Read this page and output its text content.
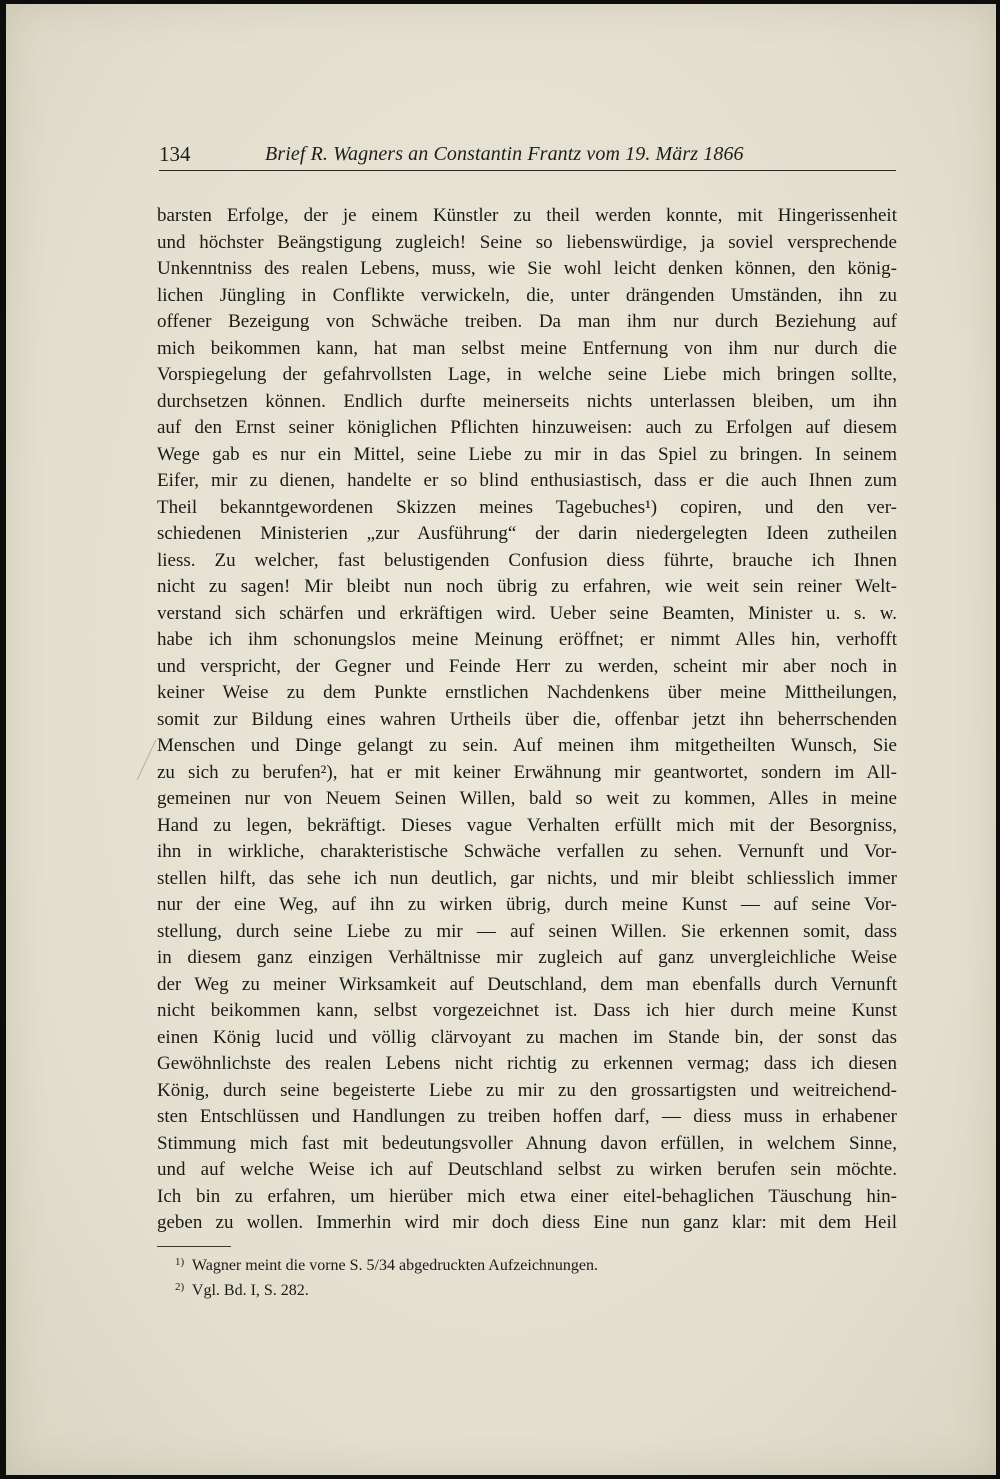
134	Brief R. Wagners an Constantin Frantz vom 19. März 1866
barsten Erfolge, der je einem Künstler zu theil werden konnte, mit Hingerissenheit
und höchster Beängstigung zugleich! Seine so liebenswürdige, ja soviel versprechende
Unkenntniss des realen Lebens, muss, wie Sie wohl leicht denken können, den könig-
lichen Jüngling in Conflikte verwickeln, die, unter drängenden Umständen, ihn zu
offener Bezeigung von Schwäche treiben. Da man ihm nur durch Beziehung auf
mich beikommen kann, hat man selbst meine Entfernung von ihm nur durch die
Vorspiegelung der gefahrvollsten Lage, in welche seine Liebe mich bringen sollte,
durchsetzen können. Endlich durfte meinerseits nichts unterlassen bleiben, um ihn
auf den Ernst seiner königlichen Pflichten hinzuweisen: auch zu Erfolgen auf diesem
Wege gab es nur ein Mittel, seine Liebe zu mir in das Spiel zu bringen. In seinem
Eifer, mir zu dienen, handelte er so blind enthusiastisch, dass er die auch Ihnen zum
Theil bekanntgewordenen Skizzen meines Tagebuches¹) copiren, und den ver-
schiedenen Ministerien „zur Ausführung“ der darin niedergelegten Ideen zutheilen
liess. Zu welcher, fast belustigenden Confusion diess führte, brauche ich Ihnen
nicht zu sagen! Mir bleibt nun noch übrig zu erfahren, wie weit sein reiner Welt-
verstand sich schärfen und erkräftigen wird. Ueber seine Beamten, Minister u. s. w.
habe ich ihm schonungslos meine Meinung eröffnet; er nimmt Alles hin, verhofft
und verspricht, der Gegner und Feinde Herr zu werden, scheint mir aber noch in
keiner Weise zu dem Punkte ernstlichen Nachdenkens über meine Mittheilungen,
somit zur Bildung eines wahren Urtheils über die, offenbar jetzt ihn beherrschenden
Menschen und Dinge gelangt zu sein. Auf meinen ihm mitgetheilten Wunsch, Sie
zu sich zu berufen²), hat er mit keiner Erwähnung mir geantwortet, sondern im All-
gemeinen nur von Neuem Seinen Willen, bald so weit zu kommen, Alles in meine
Hand zu legen, bekräftigt. Dieses vague Verhalten erfüllt mich mit der Besorgniss,
ihn in wirkliche, charakteristische Schwäche verfallen zu sehen. Vernunft und Vor-
stellen hilft, das sehe ich nun deutlich, gar nichts, und mir bleibt schliesslich immer
nur der eine Weg, auf ihn zu wirken übrig, durch meine Kunst — auf seine Vor-
stellung, durch seine Liebe zu mir — auf seinen Willen. Sie erkennen somit, dass
in diesem ganz einzigen Verhältnisse mir zugleich auf ganz unvergleichliche Weise
der Weg zu meiner Wirksamkeit auf Deutschland, dem man ebenfalls durch Vernunft
nicht beikommen kann, selbst vorgezeichnet ist. Dass ich hier durch meine Kunst
einen König lucid und völlig clärvoyant zu machen im Stande bin, der sonst das
Gewöhnlichste des realen Lebens nicht richtig zu erkennen vermag; dass ich diesen
König, durch seine begeisterte Liebe zu mir zu den grossartigsten und weitreichend-
sten Entschlüssen und Handlungen zu treiben hoffen darf, — diess muss in erhabener
Stimmung mich fast mit bedeutungsvoller Ahnung davon erfüllen, in welchem Sinne,
und auf welche Weise ich auf Deutschland selbst zu wirken berufen sein möchte.
Ich bin zu erfahren, um hierüber mich etwa einer eitel-behaglichen Täuschung hin-
geben zu wollen. Immerhin wird mir doch diess Eine nun ganz klar: mit dem Heil
$^{1)}$ Wagner meint die vorne S. 5/34 abgedruckten Aufzeichnungen.
$^{2)}$ Vgl. Bd. I, S. 282.
